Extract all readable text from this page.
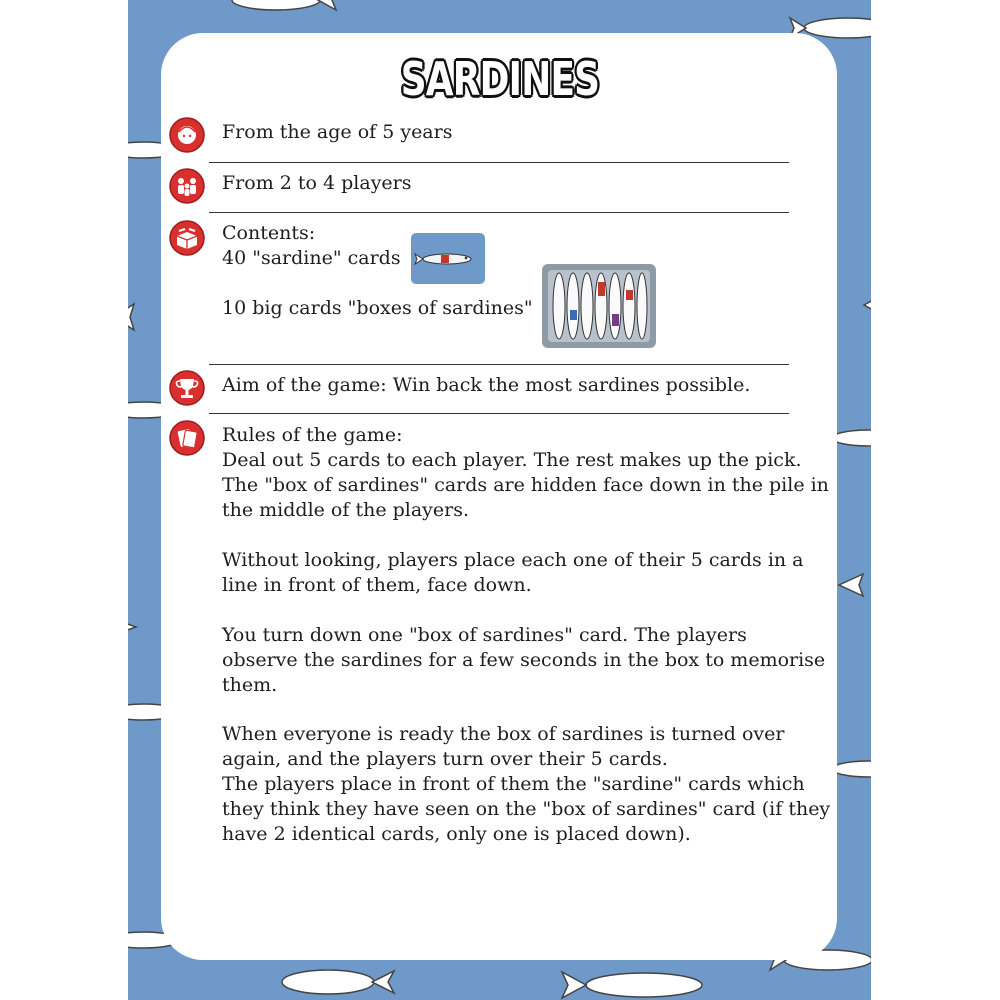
SARDINES
From the age of 5 years
From 2 to 4 players
Contents:
40 "sardine" cards
10 big cards "boxes of sardines"
Aim of the game: Win back the most sardines possible.
Rules of the game:
Deal out 5 cards to each player. The rest makes up the pick.
The "box of sardines" cards are hidden face down in the pile in
the middle of the players.
Without looking, players place each one of their 5 cards in a
line in front of them, face down.
You turn down one "box of sardines" card. The players
observe the sardines for a few seconds in the box to memorise
them.
When everyone is ready the box of sardines is turned over
again, and the players turn over their 5 cards.
The players place in front of them the "sardine" cards which
they think they have seen on the "box of sardines" card (if they
have 2 identical cards, only one is placed down).
